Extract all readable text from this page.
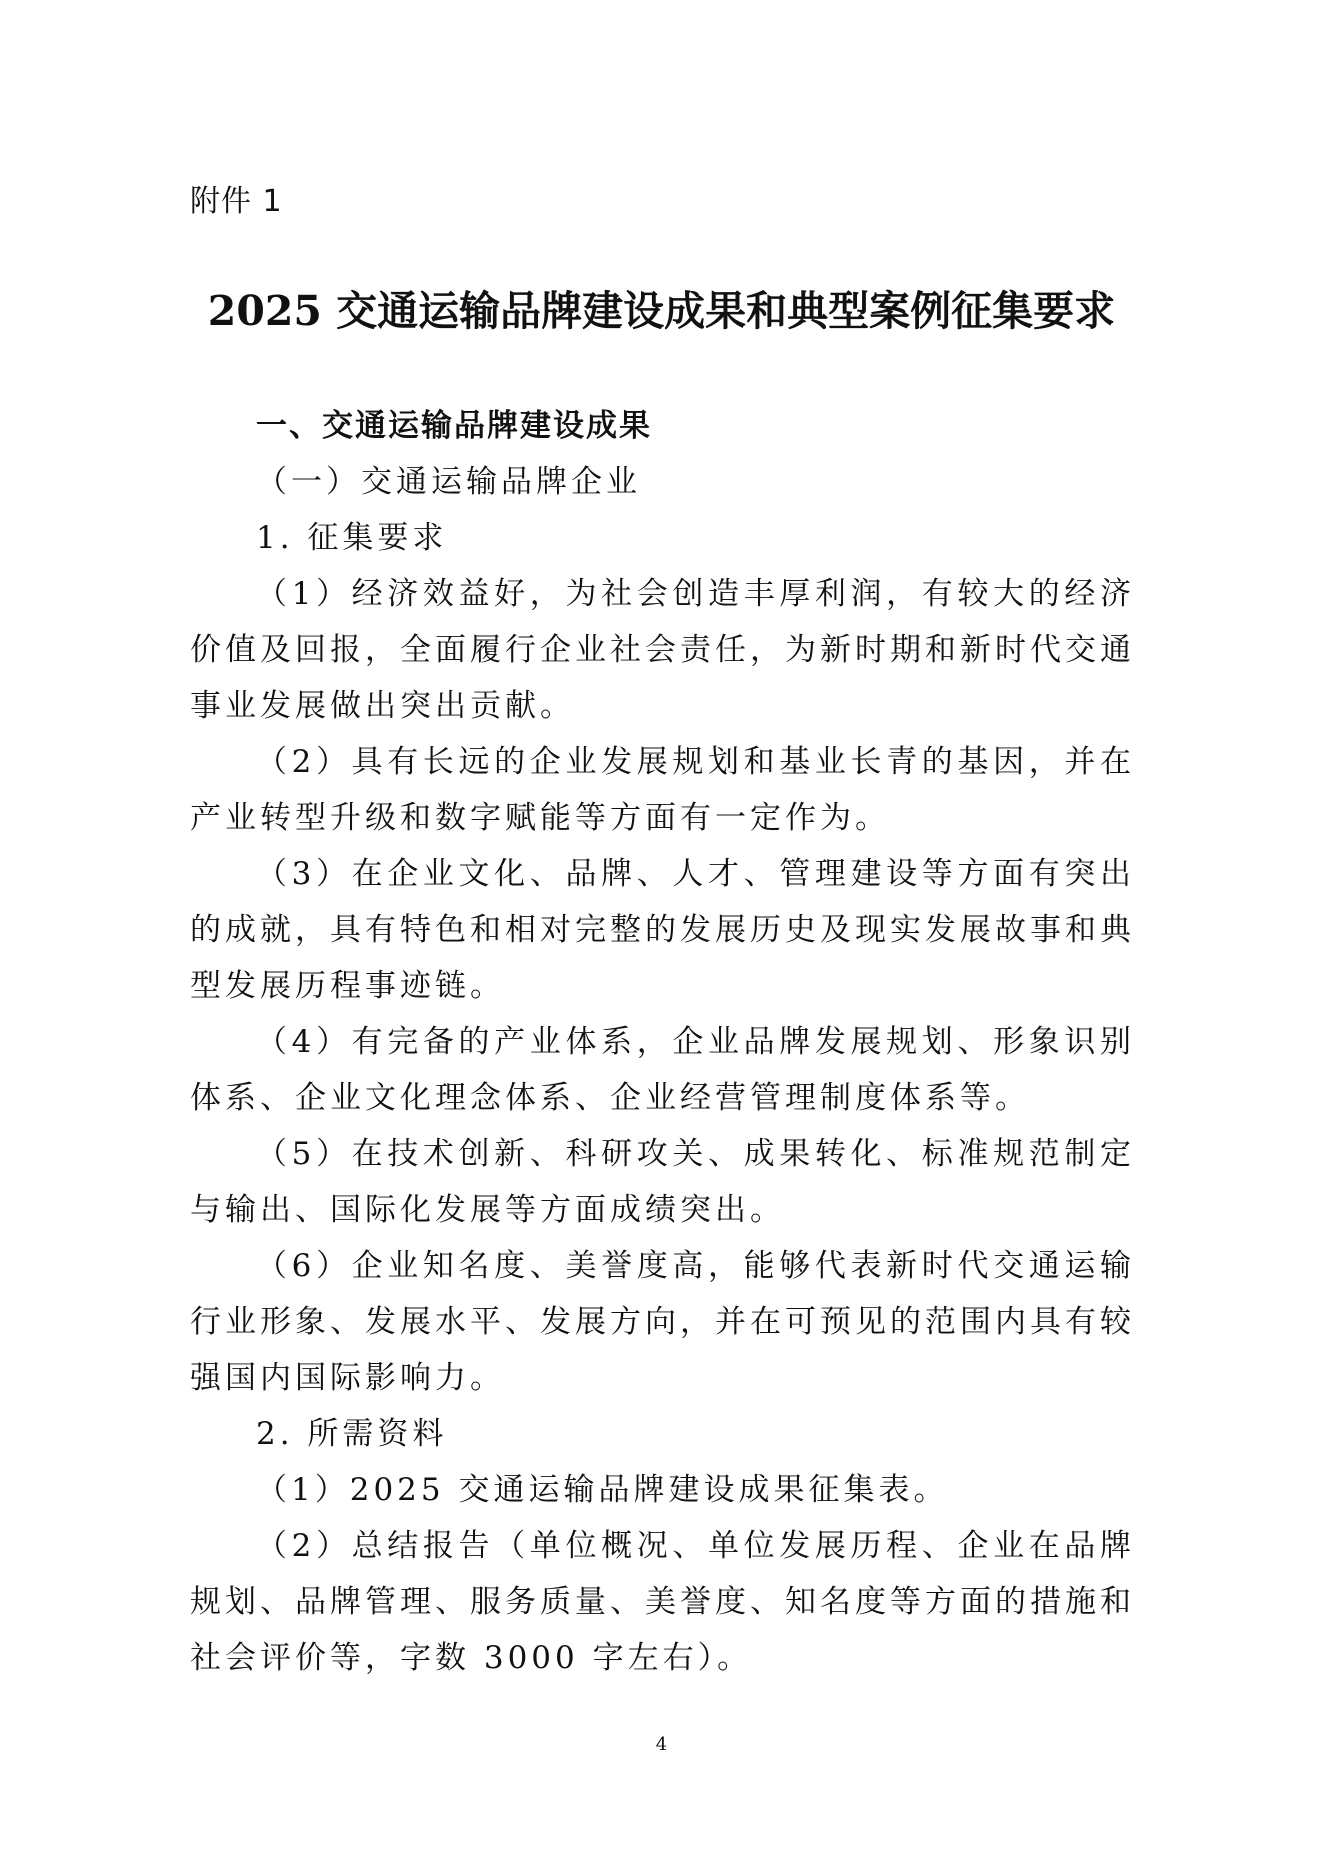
附件 1
2025 交通运输品牌建设成果和典型案例征集要求

一、交通运输品牌建设成果

（一）交通运输品牌企业

1. 征集要求

（1）经济效益好，为社会创造丰厚利润，有较大的经济价值及回报，全面履行企业社会责任，为新时期和新时代交通事业发展做出突出贡献。

（2）具有长远的企业发展规划和基业长青的基因，并在产业转型升级和数字赋能等方面有一定作为。

（3）在企业文化、品牌、人才、管理建设等方面有突出的成就，具有特色和相对完整的发展历史及现实发展故事和典型发展历程事迹链。

（4）有完备的产业体系，企业品牌发展规划、形象识别体系、企业文化理念体系、企业经营管理制度体系等。

（5）在技术创新、科研攻关、成果转化、标准规范制定与输出、国际化发展等方面成绩突出。

（6）企业知名度、美誉度高，能够代表新时代交通运输行业形象、发展水平、发展方向，并在可预见的范围内具有较强国内国际影响力。

2. 所需资料

（1）2025 交通运输品牌建设成果征集表。

（2）总结报告（单位概况、单位发展历程、企业在品牌规划、品牌管理、服务质量、美誉度、知名度等方面的措施和社会评价等，字数 3000 字左右）。

4
